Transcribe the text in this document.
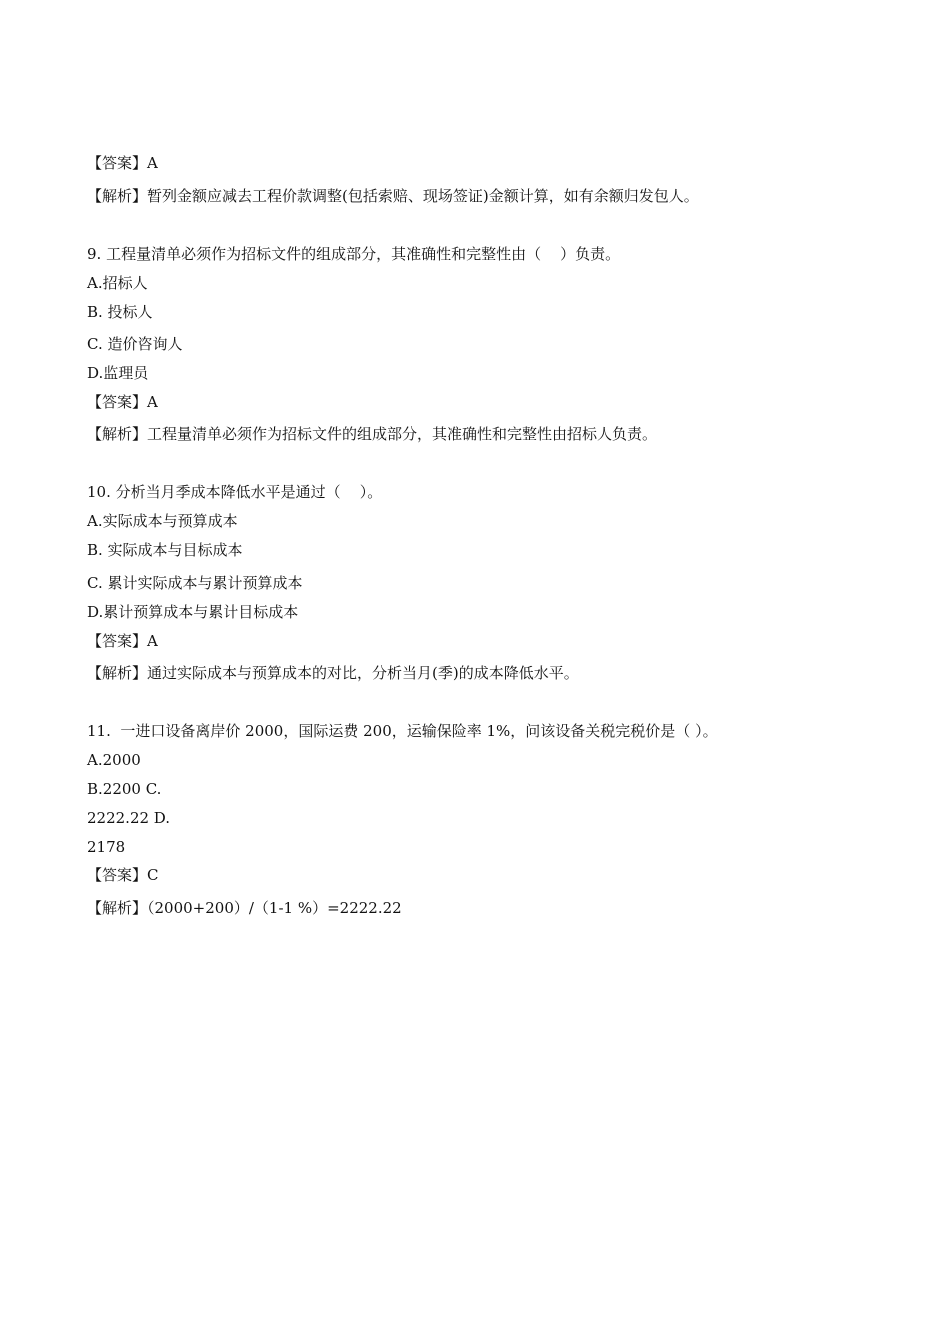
【答案】A
【解析】暂列金额应减去工程价款调整(包括索赔、现场签证)金额计算，如有余额归发包人。
9. 工程量清单必须作为招标文件的组成部分，其准确性和完整性由（    ）负责。
A.招标人
B. 投标人
C. 造价咨询人
D.监理员
【答案】A
【解析】工程量清单必须作为招标文件的组成部分，其准确性和完整性由招标人负责。
10. 分析当月季成本降低水平是通过（    ）。
A.实际成本与预算成本
B. 实际成本与目标成本
C. 累计实际成本与累计预算成本
D.累计预算成本与累计目标成本
【答案】A
【解析】通过实际成本与预算成本的对比，分析当月(季)的成本降低水平。
11.  一进口设备离岸价 2000，国际运费 200，运输保险率 1%，问该设备关税完税价是（ ）。
A.2000
B.2200 C.
2222.22 D.
2178
【答案】C
【解析】（2000+200）/（1-1 %）=2222.22
